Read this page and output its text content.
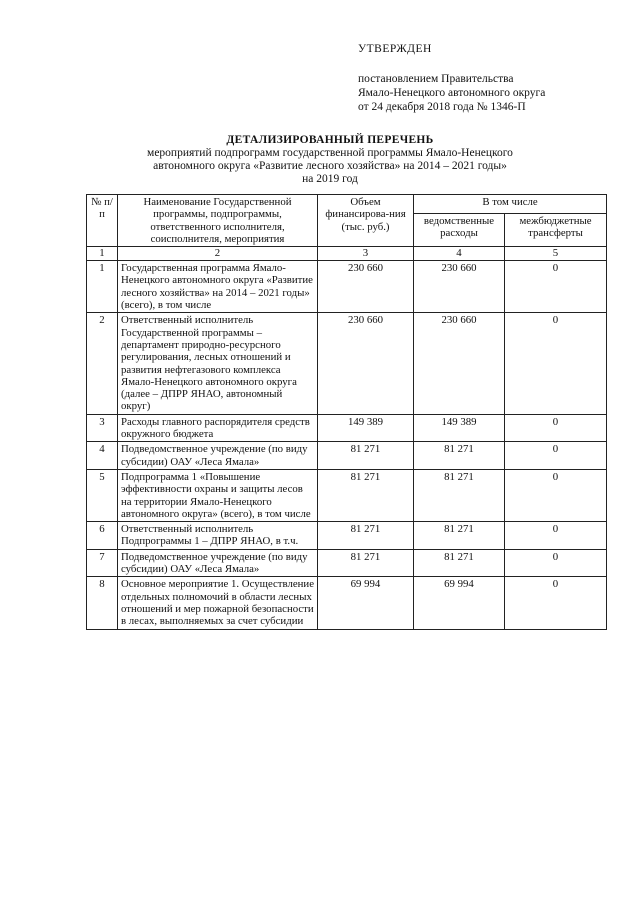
УТВЕРЖДЕН
постановлением Правительства
Ямало-Ненецкого автономного округа
от 24 декабря 2018 года № 1346-П
ДЕТАЛИЗИРОВАННЫЙ ПЕРЕЧЕНЬ
мероприятий подпрограмм государственной программы Ямало-Ненецкого
автономного округа «Развитие лесного хозяйства» на 2014 – 2021 годы»
на 2019 год
№ п/п	Наименование Государственной программы, подпрограммы, ответственного исполнителя, соисполнителя, мероприятия	Объем финансирова-ния (тыс. руб.)	В том числе	
			ведомственные расходы	межбюджетные трансферты
1	2	3	4	5
1	Государственная программа Ямало-Ненецкого автономного округа «Развитие лесного хозяйства» на 2014 – 2021 годы» (всего), в том числе	230 660	230 660	0
2	Ответственный исполнитель Государственной программы – департамент природно-ресурсного регулирования, лесных отношений и развития нефтегазового комплекса Ямало-Ненецкого автономного округа (далее – ДПРР ЯНАО, автономный округ)	230 660	230 660	0
3	Расходы главного распорядителя средств окружного бюджета	149 389	149 389	0
4	Подведомственное учреждение (по виду субсидии) ОАУ «Леса Ямала»	81 271	81 271	0
5	Подпрограмма 1 «Повышение эффективности охраны и защиты лесов на территории Ямало-Ненецкого автономного округа» (всего), в том числе	81 271	81 271	0
6	Ответственный исполнитель Подпрограммы 1 – ДПРР ЯНАО, в т.ч.	81 271	81 271	0
7	Подведомственное учреждение (по виду субсидии) ОАУ «Леса Ямала»	81 271	81 271	0
8	Основное мероприятие 1. Осуществление отдельных полномочий в области лесных отношений и мер пожарной безопасности в лесах, выполняемых за счет субсидии	69 994	69 994	0
